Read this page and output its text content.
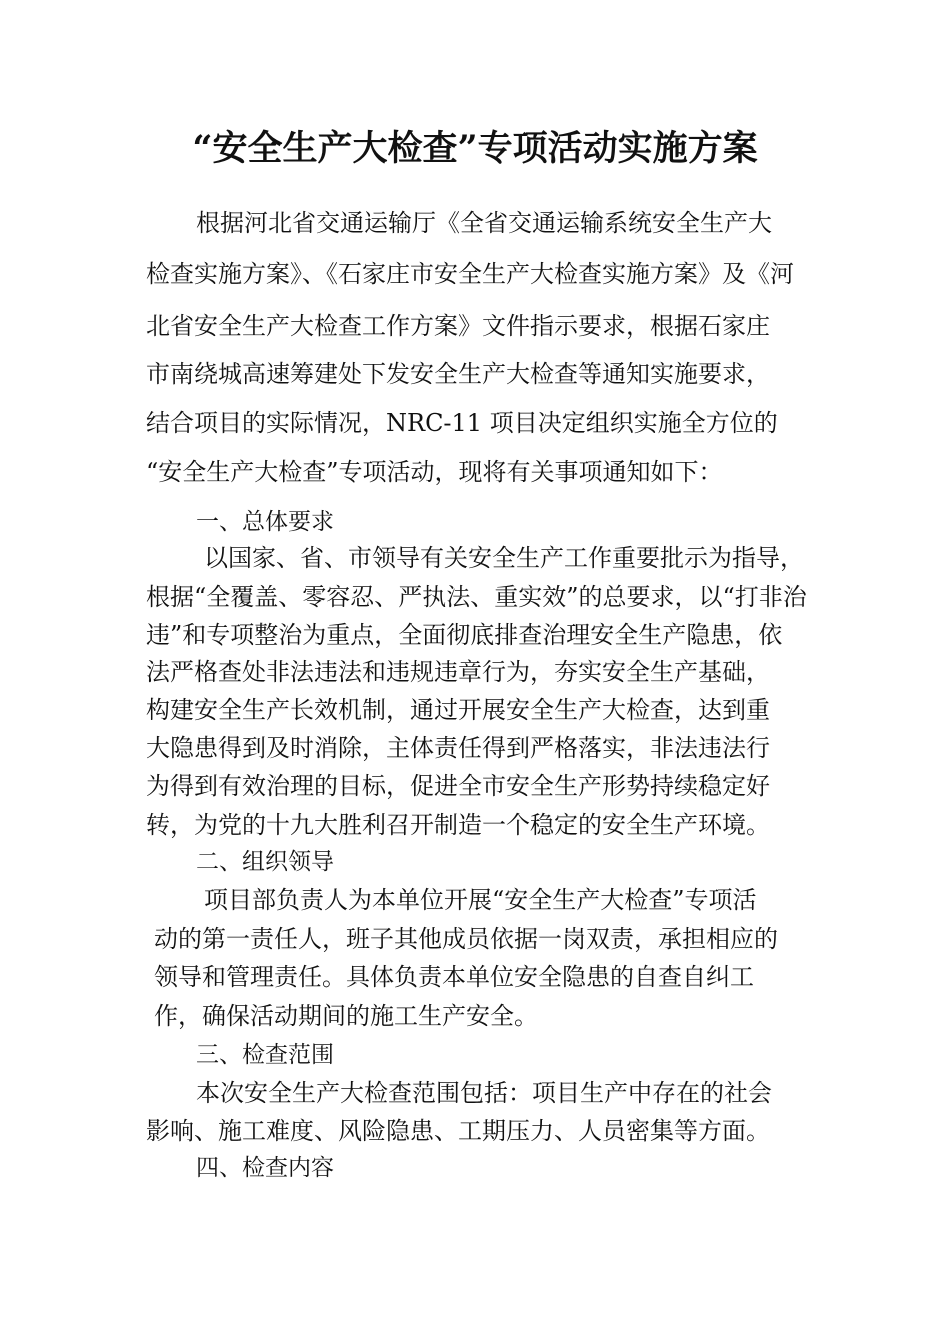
“安全生产大检查”专项活动实施方案
根据河北省交通运输厅《全省交通运输系统安全生产大
检查实施方案》、《石家庄市安全生产大检查实施方案》及《河
北省安全生产大检查工作方案》文件指示要求，根据石家庄
市南绕城高速筹建处下发安全生产大检查等通知实施要求，
结合项目的实际情况，NRC-11 项目决定组织实施全方位的
“安全生产大检查”专项活动，现将有关事项通知如下：
一、总体要求
以国家、省、市领导有关安全生产工作重要批示为指导，
根据“全覆盖、零容忍、严执法、重实效”的总要求，以“打非治
违”和专项整治为重点，全面彻底排查治理安全生产隐患，依
法严格查处非法违法和违规违章行为，夯实安全生产基础，
构建安全生产长效机制，通过开展安全生产大检查，达到重
大隐患得到及时消除，主体责任得到严格落实，非法违法行
为得到有效治理的目标，促进全市安全生产形势持续稳定好
转，为党的十九大胜利召开制造一个稳定的安全生产环境。
二、组织领导
项目部负责人为本单位开展“安全生产大检查”专项活
动的第一责任人，班子其他成员依据一岗双责，承担相应的
领导和管理责任。具体负责本单位安全隐患的自查自纠工
作，确保活动期间的施工生产安全。
三、检查范围
本次安全生产大检查范围包括：项目生产中存在的社会
影响、施工难度、风险隐患、工期压力、人员密集等方面。
四、检查内容
